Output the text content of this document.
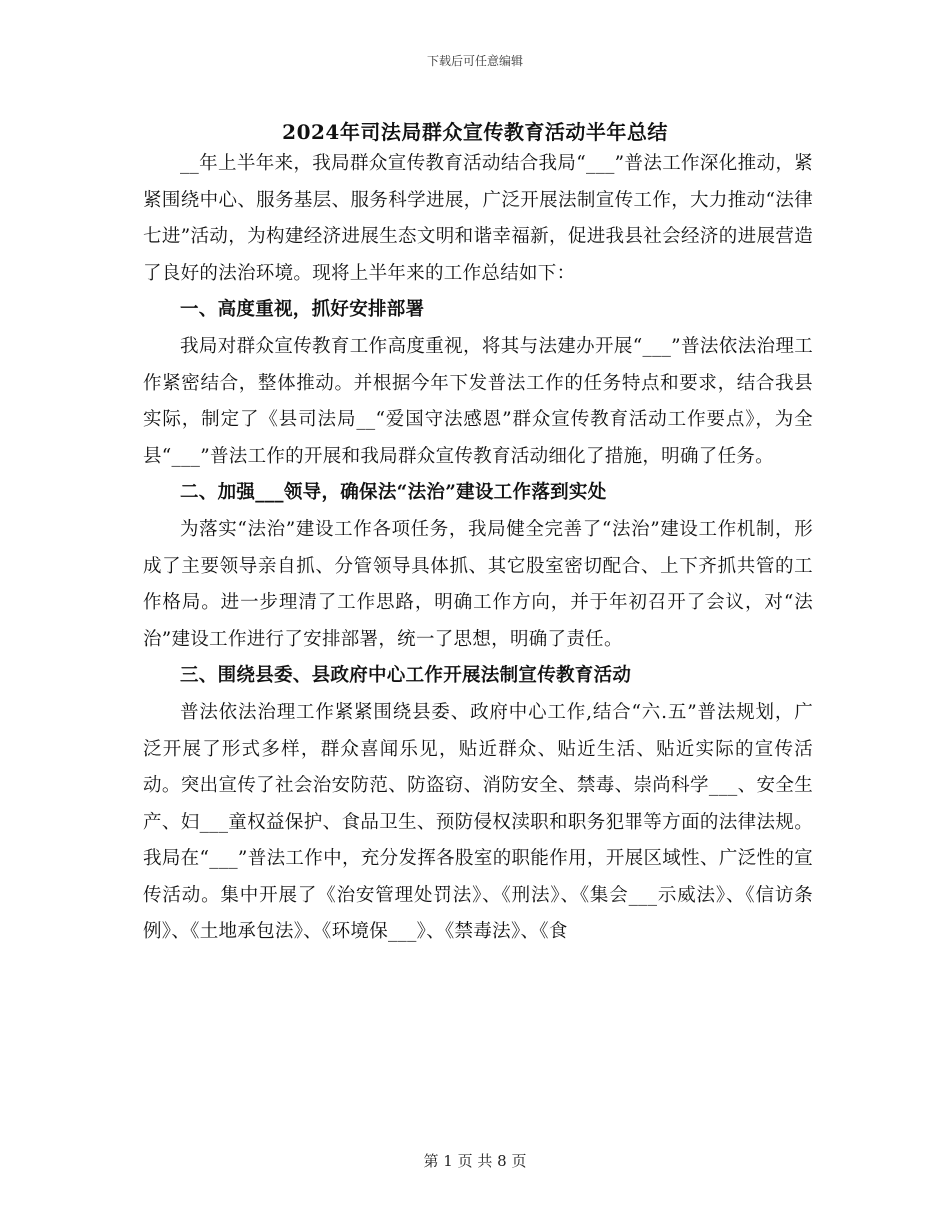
下载后可任意编辑
2024年司法局群众宣传教育活动半年总结

__年上半年来，我局群众宣传教育活动结合我局“___”普法工作深化推动，紧紧围绕中心、服务基层、服务科学进展，广泛开展法制宣传工作，大力推动“法律七进”活动，为构建经济进展生态文明和谐幸福新，促进我县社会经济的进展营造了良好的法治环境。现将上半年来的工作总结如下：

一、高度重视，抓好安排部署

我局对群众宣传教育工作高度重视，将其与法建办开展“___”普法依法治理工作紧密结合，整体推动。并根据今年下发普法工作的任务特点和要求，结合我县实际，制定了《县司法局__“爱国守法感恩”群众宣传教育活动工作要点》，为全县“___”普法工作的开展和我局群众宣传教育活动细化了措施，明确了任务。

二、加强___领导，确保法“法治”建设工作落到实处

为落实“法治”建设工作各项任务，我局健全完善了“法治”建设工作机制，形成了主要领导亲自抓、分管领导具体抓、其它股室密切配合、上下齐抓共管的工作格局。进一步理清了工作思路，明确工作方向，并于年初召开了会议，对“法治”建设工作进行了安排部署，统一了思想，明确了责任。

三、围绕县委、县政府中心工作开展法制宣传教育活动

普法依法治理工作紧紧围绕县委、政府中心工作,结合“六.五”普法规划，广泛开展了形式多样，群众喜闻乐见，贴近群众、贴近生活、贴近实际的宣传活动。突出宣传了社会治安防范、防盗窃、消防安全、禁毒、崇尚科学___、安全生产、妇___童权益保护、食品卫生、预防侵权渎职和职务犯罪等方面的法律法规。我局在“___”普法工作中，充分发挥各股室的职能作用，开展区域性、广泛性的宣传活动。集中开展了《治安管理处罚法》、《刑法》、《集会___示威法》、《信访条例》、《土地承包法》、《环境保___》、《禁毒法》、《食

第 1 页 共 8 页
